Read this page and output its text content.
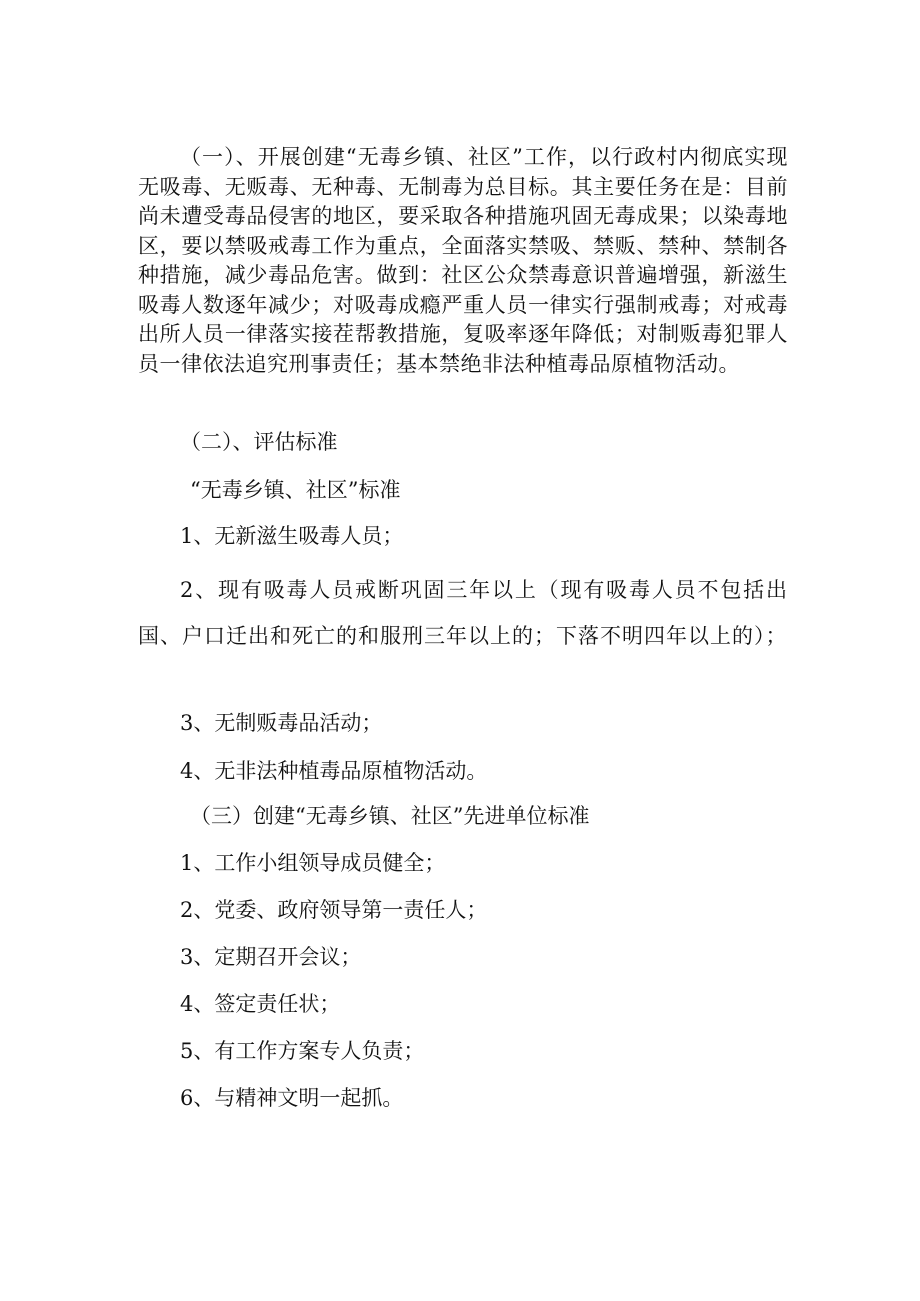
（一）、开展创建“无毒乡镇、社区”工作，以行政村内彻底实现无吸毒、无贩毒、无种毒、无制毒为总目标。其主要任务在是：目前尚未遭受毒品侵害的地区，要采取各种措施巩固无毒成果；以染毒地区，要以禁吸戒毒工作为重点，全面落实禁吸、禁贩、禁种、禁制各种措施，减少毒品危害。做到：社区公众禁毒意识普遍增强，新滋生吸毒人数逐年减少；对吸毒成瘾严重人员一律实行强制戒毒；对戒毒出所人员一律落实接茬帮教措施，复吸率逐年降低；对制贩毒犯罪人员一律依法追究刑事责任；基本禁绝非法种植毒品原植物活动。

（二）、评估标准

“无毒乡镇、社区”标准

1、无新滋生吸毒人员；

2、现有吸毒人员戒断巩固三年以上（现有吸毒人员不包括出国、户口迁出和死亡的和服刑三年以上的；下落不明四年以上的）；

3、无制贩毒品活动；

4、无非法种植毒品原植物活动。

（三）创建“无毒乡镇、社区”先进单位标准

1、工作小组领导成员健全；

2、党委、政府领导第一责任人；

3、定期召开会议；

4、签定责任状；

5、有工作方案专人负责；

6、与精神文明一起抓。
